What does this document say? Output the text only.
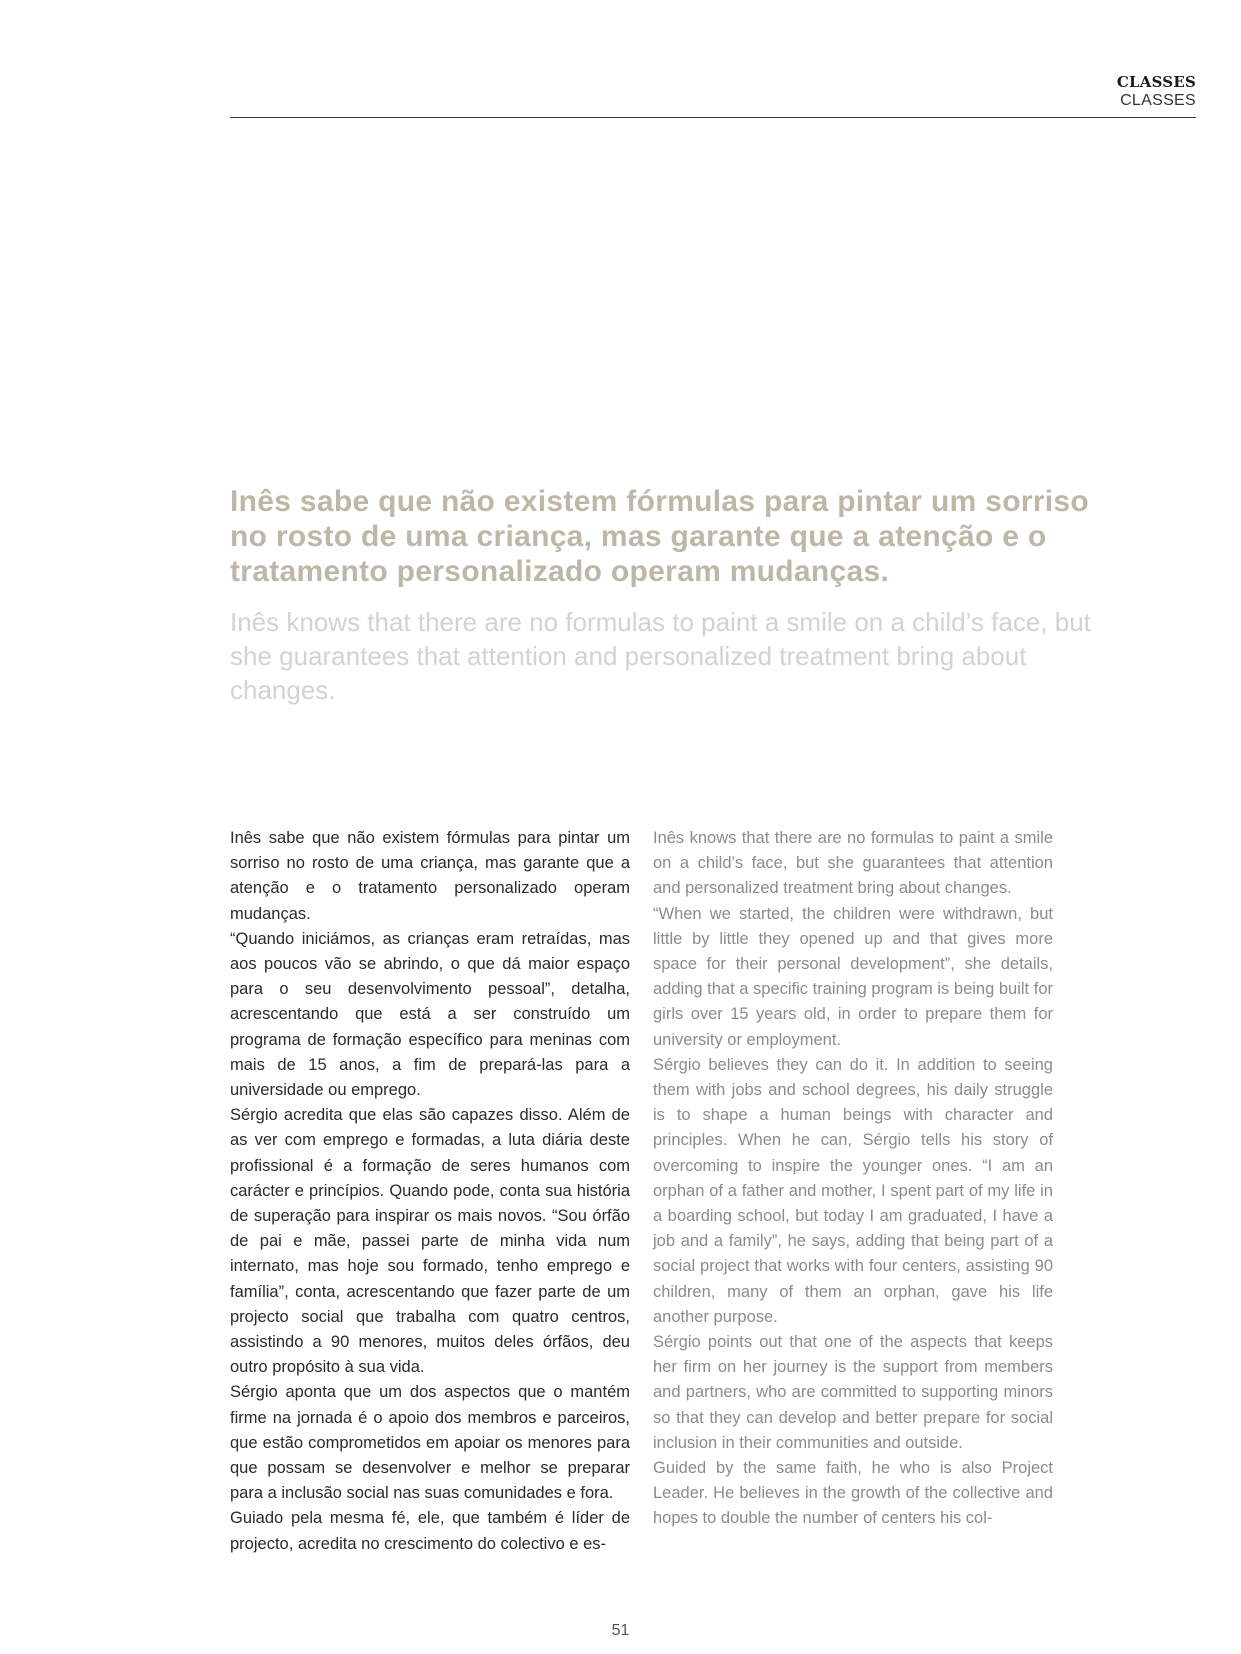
CLASSES
CLASSES
Inês sabe que não existem fórmulas para pintar um sorriso no rosto de uma criança, mas garante que a atenção e o tratamento personalizado operam mudanças.
Inês knows that there are no formulas to paint a smile on a child’s face, but she guarantees that attention and personalized treatment bring about changes.

Inês sabe que não existem fórmulas para pintar um sorriso no rosto de uma criança, mas garante que a atenção e o tratamento personalizado operam mudanças.

“Quando iniciámos, as crianças eram retraídas, mas aos poucos vão se abrindo, o que dá maior espaço para o seu desenvolvimento pessoal”, detalha, acrescentando que está a ser construído um programa de formação específico para meninas com mais de 15 anos, a fim de prepará-las para a universidade ou emprego.

Sérgio acredita que elas são capazes disso. Além de as ver com emprego e formadas, a luta diária deste profissional é a formação de seres humanos com carácter e princípios. Quando pode, conta sua história de superação para inspirar os mais novos. “Sou órfão de pai e mãe, passei parte de minha vida num internato, mas hoje sou formado, tenho emprego e família”, conta, acrescentando que fazer parte de um projecto social que trabalha com quatro centros, assistindo a 90 menores, muitos deles órfãos, deu outro propósito à sua vida.

Sérgio aponta que um dos aspectos que o mantém firme na jornada é o apoio dos membros e parceiros, que estão comprometidos em apoiar os menores para que possam se desenvolver e melhor se preparar para a inclusão social nas suas comunidades e fora.

Guiado pela mesma fé, ele, que também é líder de projecto, acredita no crescimento do colectivo e es-

Inês knows that there are no formulas to paint a smile on a child’s face, but she guarantees that attention and personalized treatment bring about changes.

“When we started, the children were withdrawn, but little by little they opened up and that gives more space for their personal development”, she details, adding that a specific training program is being built for girls over 15 years old, in order to prepare them for university or employment.

Sérgio believes they can do it. In addition to seeing them with jobs and school degrees, his daily struggle is to shape a human beings with character and principles. When he can, Sérgio tells his story of overcoming to inspire the younger ones. “I am an orphan of a father and mother, I spent part of my life in a boarding school, but today I am graduated, I have a job and a family”, he says, adding that being part of a social project that works with four centers, assisting 90 children, many of them an orphan, gave his life another purpose.

Sérgio points out that one of the aspects that keeps her firm on her journey is the support from members and partners, who are committed to supporting minors so that they can develop and better prepare for social inclusion in their communities and outside.

Guided by the same faith, he who is also Project Leader. He believes in the growth of the collective and hopes to double the number of centers his col-

51
